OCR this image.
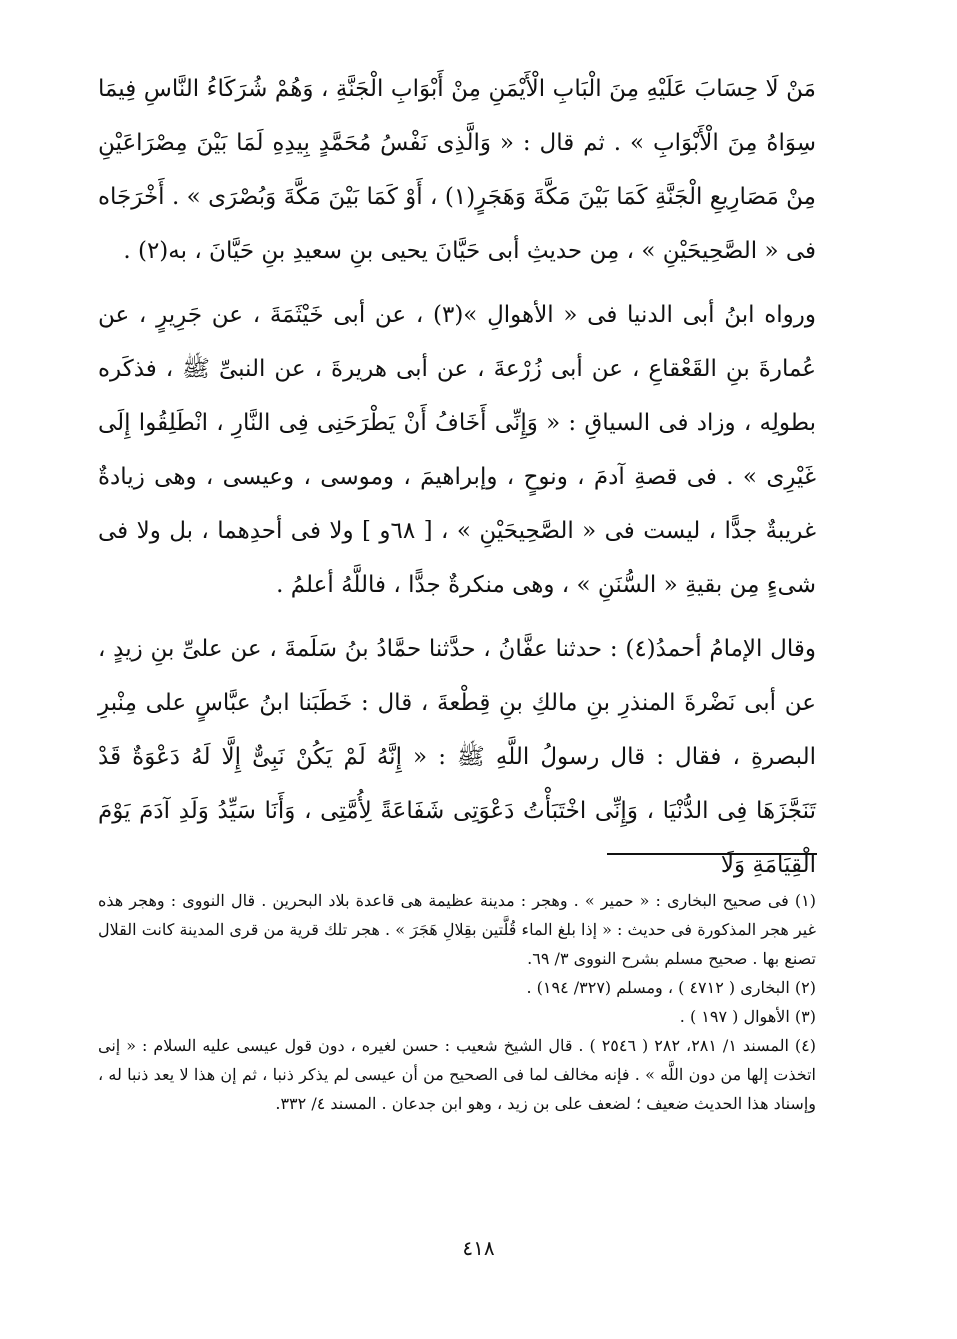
مَنْ لَا حِسَابَ عَلَيْهِ مِنَ الْبَابِ الْأَيْمَنِ مِنْ أَبْوَابِ الْجَنَّةِ ، وَهُمْ شُرَكَاءُ النَّاسِ فِيمَا سِوَاهُ مِنَ الْأَبْوَابِ » . ثم قال : « وَالَّذِى نَفْسُ مُحَمَّدٍ بِيدِهِ لَمَا بَيْنَ مِصْرَاعَيْنِ مِنْ مَصَارِيعِ الْجَنَّةِ كَمَا بَيْنَ مَكَّةَ وَهَجَرٍ(١) ، أَوْ كَمَا بَيْنَ مَكَّةَ وَبُصْرَى » . أَخْرَجَاه فى « الصَّحِيحَيْنِ » ، مِن حديثِ أبى حَيَّانَ يحيى بنِ سعيدِ بنِ حَيَّانَ ، به(٢) .

ورواه ابنُ أبى الدنيا فى « الأهوالِ »(٣) ، عن أبى خَيْثَمَةَ ، عن جَرِيرٍ ، عن عُمارةَ بنِ القَعْقاعِ ، عن أبى زُرْعةَ ، عن أبى هريرةَ ، عن النبىِّ ﷺ ، فذكَره بطولِه ، وزاد فى السياقِ : « وَإِنِّى أَخَافُ أَنْ يَطْرَحَنِى فِى النَّارِ ، انْطَلِقُوا إِلَى غَيْرِى » . فى قصةِ آدمَ ، ونوحٍ ، وإبراهيمَ ، وموسى ، وعيسى ، وهى زيادةٌ غريبةٌ جدًّا ، ليست فى « الصَّحِيحَيْنِ » ، [ ٦٨و ] ولا فى أحدِهما ، بل ولا فى شىءٍ مِن بقيةِ « السُّنَنِ » ، وهى منكرةٌ جدًّا ، فاللَّهُ أعلمُ .

وقال الإمامُ أحمدُ(٤) : حدثنا عفَّانُ ، حدَّثنا حمَّادُ بنُ سَلَمةَ ، عن علىِّ بنِ زيدٍ ، عن أبى نَضْرةَ المنذرِ بنِ مالكِ بنِ قِطْعةَ ، قال : خَطَبَنا ابنُ عبَّاسٍ على مِنْبرِ البصرةِ ، فقال : قال رسولُ اللَّهِ ﷺ : « إِنَّهُ لَمْ يَكُنْ نَبِىٌّ إِلَّا لَهُ دَعْوَةٌ قَدْ تَنَجَّزَهَا فِى الدُّنْيَا ، وَإِنِّى اخْتَبَأْتُ دَعْوَتِى شَفَاعَةً لِأُمَّتِى ، وَأَنَا سَيِّدُ وَلَدِ آدَمَ يَوْمَ الْقِيَامَةِ وَلَا

(١) فى صحيح البخارى : « حمير » . وهجر : مدينة عظيمة هى قاعدة بلاد البحرين . قال النووى : وهجر هذه غير هجر المذكورة فى حديث : « إذا بلغ الماء قُلَّتين بقِلالِ هَجَرَ » . هجر تلك قرية من قرى المدينة كانت القلال تصنع بها . صحيح مسلم بشرح النووى ٣/ ٦٩.

(٢) البخارى ( ٤٧١٢ ) ، ومسلم (٣٢٧/ ١٩٤) .

(٣) الأهوال ( ١٩٧ ) .

(٤) المسند ١/ ٢٨١، ٢٨٢ ( ٢٥٤٦ ) . قال الشيخ شعيب : حسن لغيره ، دون قول عيسى عليه السلام : « إنى اتخذت إلها من دون اللَّه » . فإنه مخالف لما فى الصحيح من أن عيسى لم يذكر ذنبا ، ثم إن هذا لا يعد ذنبا له ، وإسناد هذا الحديث ضعيف ؛ لضعف على بن زيد ، وهو ابن جدعان . المسند ٤/ ٣٣٢.

٤١٨
